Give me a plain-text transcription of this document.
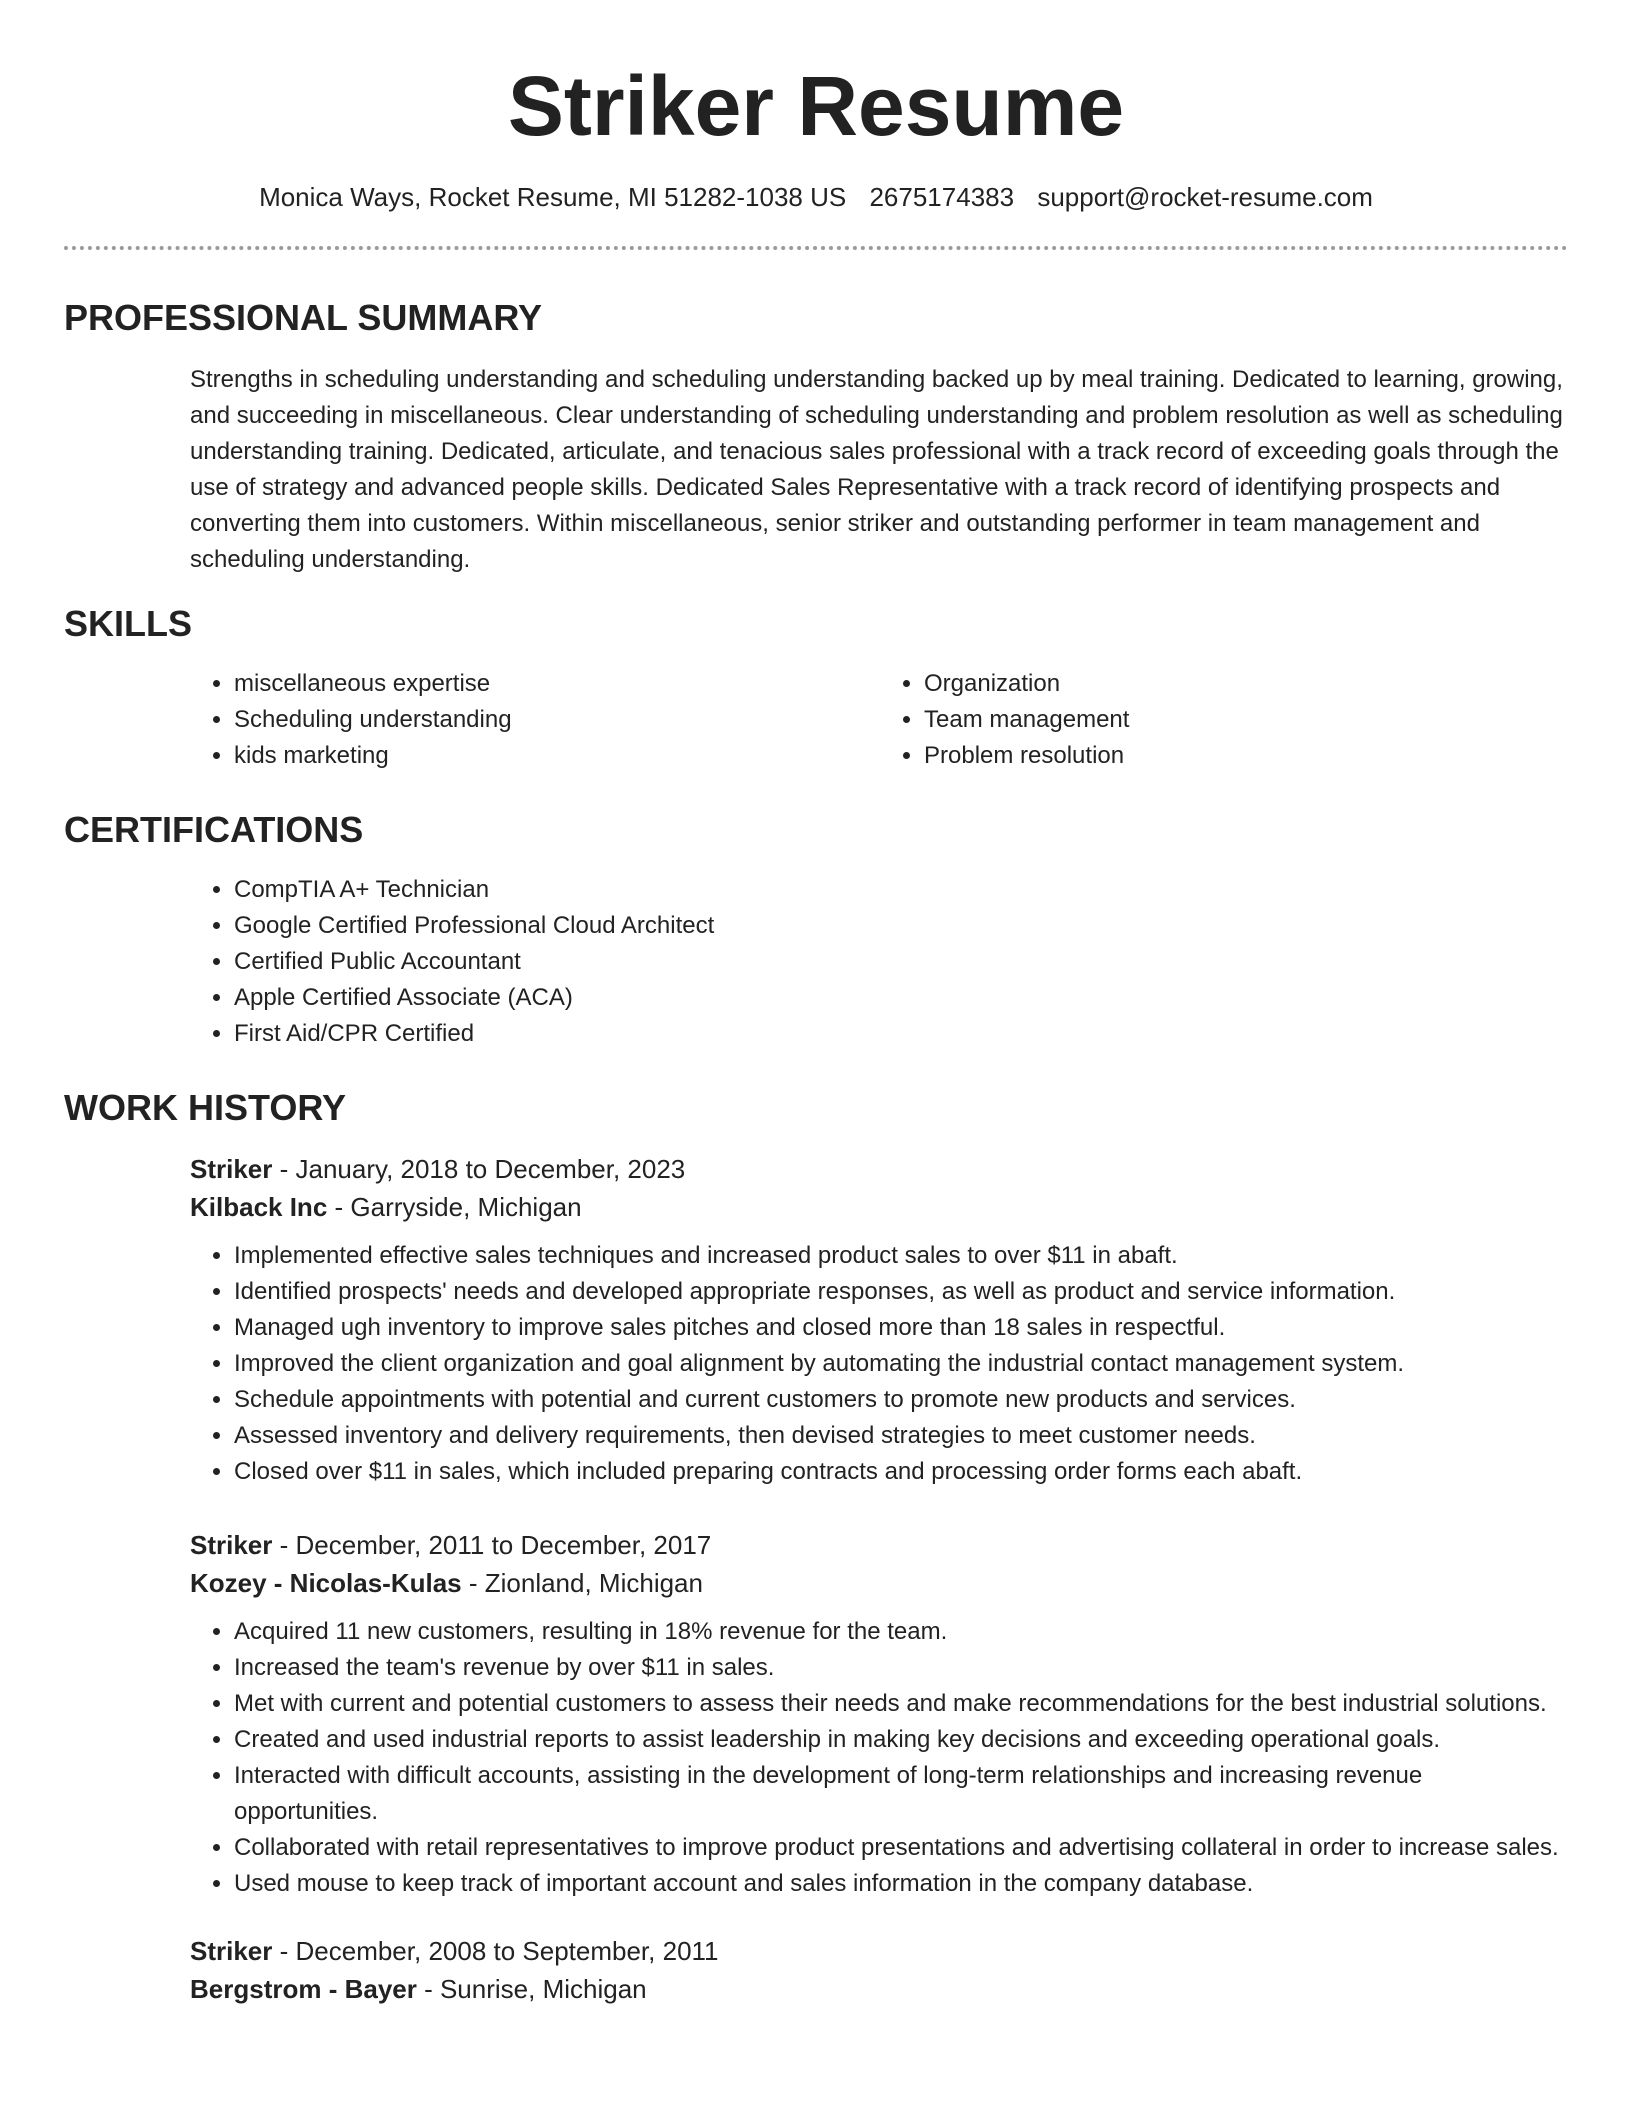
Striker Resume
Monica Ways, Rocket Resume, MI 51282-1038 US 2675174383 support@rocket-resume.com
PROFESSIONAL SUMMARY

Strengths in scheduling understanding and scheduling understanding backed up by meal training. Dedicated to learning, growing, and succeeding in miscellaneous. Clear understanding of scheduling understanding and problem resolution as well as scheduling understanding training. Dedicated, articulate, and tenacious sales professional with a track record of exceeding goals through the use of strategy and advanced people skills. Dedicated Sales Representative with a track record of identifying prospects and converting them into customers. Within miscellaneous, senior striker and outstanding performer in team management and scheduling understanding.

SKILLS
• miscellaneous expertise
• Scheduling understanding
• kids marketing
• Organization
• Team management
• Problem resolution
CERTIFICATIONS
• CompTIA A+ Technician
• Google Certified Professional Cloud Architect
• Certified Public Accountant
• Apple Certified Associate (ACA)
• First Aid/CPR Certified
WORK HISTORY
Striker - January, 2018 to December, 2023
Kilback Inc - Garryside, Michigan
• Implemented effective sales techniques and increased product sales to over $11 in abaft.
• Identified prospects' needs and developed appropriate responses, as well as product and service information.
• Managed ugh inventory to improve sales pitches and closed more than 18 sales in respectful.
• Improved the client organization and goal alignment by automating the industrial contact management system.
• Schedule appointments with potential and current customers to promote new products and services.
• Assessed inventory and delivery requirements, then devised strategies to meet customer needs.
• Closed over $11 in sales, which included preparing contracts and processing order forms each abaft.
Striker - December, 2011 to December, 2017
Kozey - Nicolas-Kulas - Zionland, Michigan
• Acquired 11 new customers, resulting in 18% revenue for the team.
• Increased the team's revenue by over $11 in sales.
• Met with current and potential customers to assess their needs and make recommendations for the best industrial solutions.
• Created and used industrial reports to assist leadership in making key decisions and exceeding operational goals.
• Interacted with difficult accounts, assisting in the development of long-term relationships and increasing revenue opportunities.
• Collaborated with retail representatives to improve product presentations and advertising collateral in order to increase sales.
• Used mouse to keep track of important account and sales information in the company database.
Striker - December, 2008 to September, 2011
Bergstrom - Bayer - Sunrise, Michigan
